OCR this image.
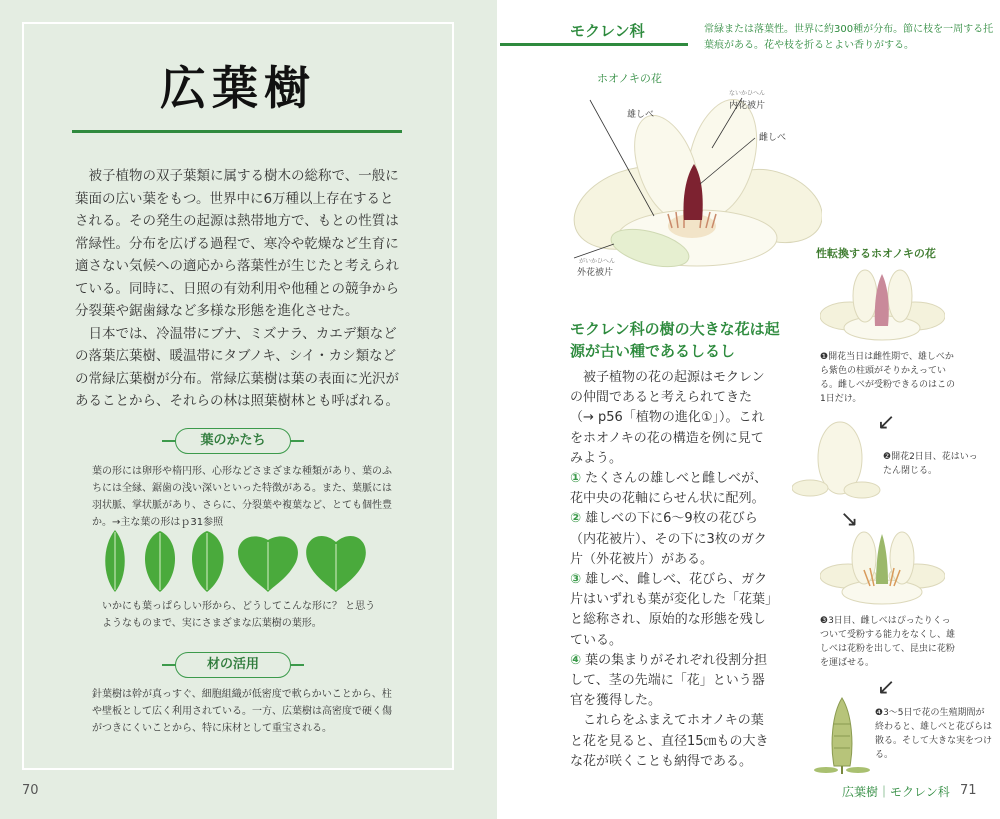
広葉樹

被子植物の双子葉類に属する樹木の総称で、一般に葉面の広い葉をもつ。世界中に6万種以上存在するとされる。その発生の起源は熱帯地方で、もとの性質は常緑性。分布を広げる過程で、寒冷や乾燥など生育に適さない気候への適応から落葉性が生じたと考えられている。同時に、日照の有効利用や他種との競争から分裂葉や鋸歯縁など多様な形態を進化させた。

日本では、冷温帯にブナ、ミズナラ、カエデ類などの落葉広葉樹、暖温帯にタブノキ、シイ・カシ類などの常緑広葉樹が分布。常緑広葉樹は葉の表面に光沢があることから、それらの林は照葉樹林とも呼ばれる。

葉のかたち
葉の形には卵形や楕円形、心形などさまざまな種類があり、葉のふちには全縁、鋸歯の浅い深いといった特徴がある。また、葉脈には羽状脈、掌状脈があり、さらに、分裂葉や複葉など、とても個性豊か。→主な葉の形はｐ31参照
いかにも葉っぱらしい形から、どうしてこんな形に？ と思うようなものまで、実にさまざまな広葉樹の葉形。
材の活用
針葉樹は幹が真っすぐ、細胞組織が低密度で軟らかいことから、柱や壁板として広く利用されている。一方、広葉樹は高密度で硬く傷がつきにくいことから、特に床材として重宝される。
70
モクレン科	常緑または落葉性。世界に約300種が分布。節に枝を一周する托葉痕がある。花や枝を折るとよい香りがする。
ホオノキの花
雄しべ
ないかひへん
内花被片
雌しべ
がいかひへん
外花被片
モクレン科の樹の大きな花は起源が古い種であるしるし

被子植物の花の起源はモクレンの仲間であると考えられてきた（→ p56「植物の進化①」）。これをホオノキの花の構造を例に見てみよう。

① たくさんの雄しべと雌しべが、花中央の花軸にらせん状に配列。

② 雄しべの下に6〜9枚の花びら（内花被片）、その下に3枚のガク片（外花被片）がある。

③ 雄しべ、雌しべ、花びら、ガク片はいずれも葉が変化した「花葉」と総称され、原始的な形態を残している。

④ 葉の集まりがそれぞれ役割分担して、茎の先端に「花」という器官を獲得した。

これらをふまえてホオノキの葉と花を見ると、直径15㎝もの大きな花が咲くことも納得である。

性転換するホオノキの花
❶開花当日は雌性期で、雄しべから紫色の柱頭がそりかえっている。雌しべが受粉できるのはこの1日だけ。
↙
❷開花2日目、花はいったん閉じる。
↘
❸3日目、雌しべはぴったりくっついて受粉する能力をなくし、雄しべは花粉を出して、昆虫に花粉を運ばせる。
↙
❹3〜5日で花の生殖期間が終わると、雄しべと花びらは散る。そして大きな実をつける。
広葉樹｜モクレン科 71
